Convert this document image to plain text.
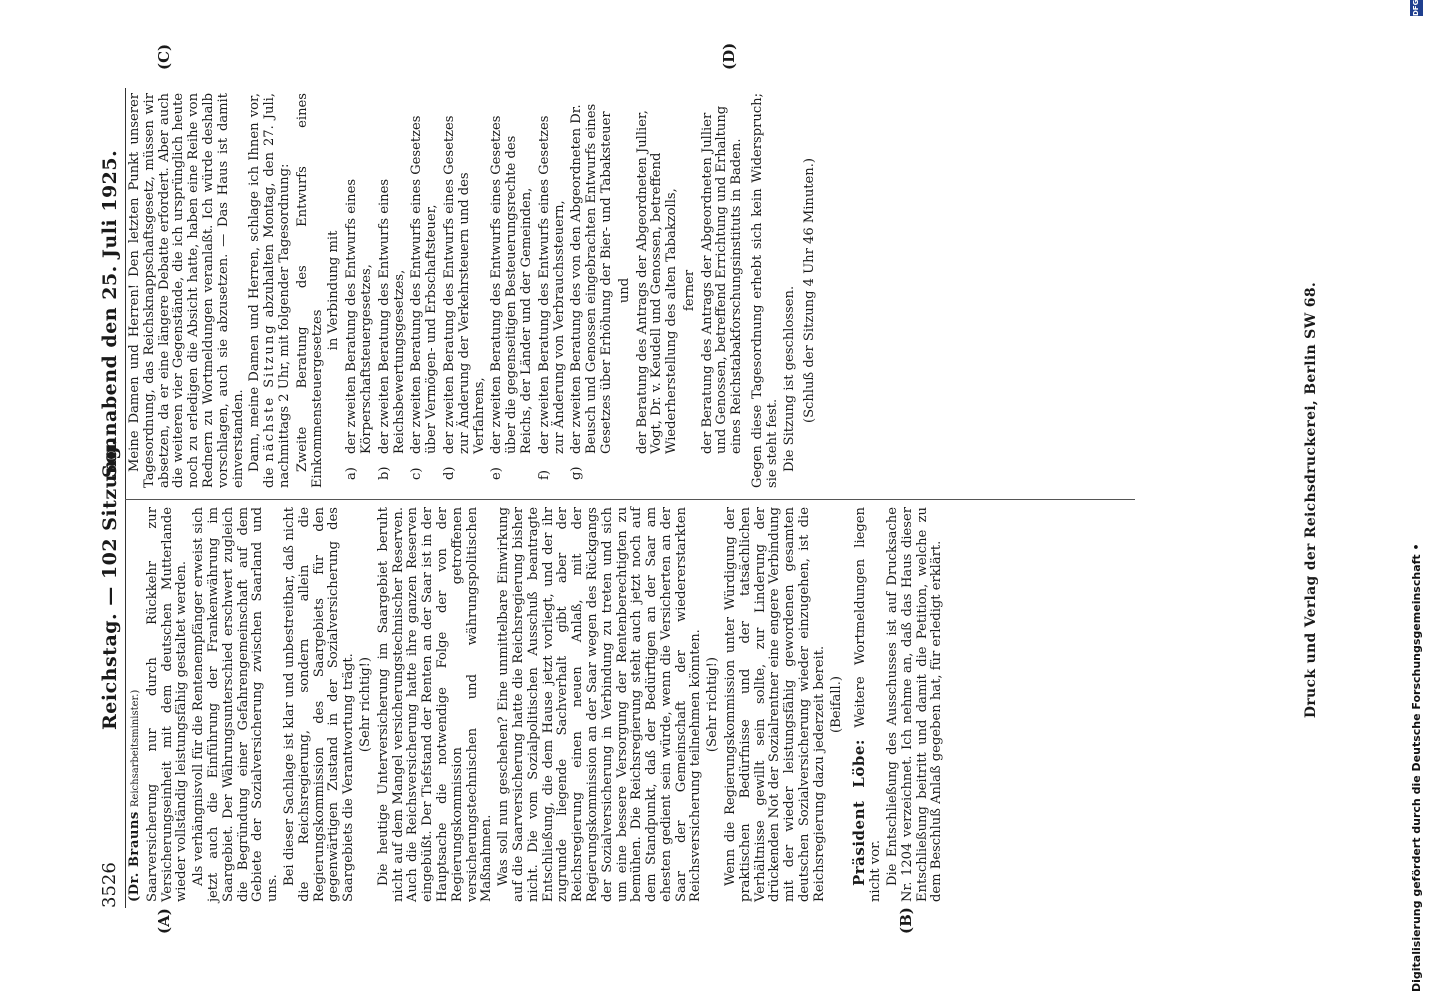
3526
Reichstag. — 102 Sitzung.
Sonnabend den 25. Juli 1925.
(A)	(B)
(C)	(D)

(Dr. Brauns Reichsarbeitsminister.) Saarversicherung nur durch Rückkehr zur Versicherungseinheit mit dem deutschen Mutterlande wieder vollständig leistungsfähig gestaltet werden. Als verhängnisvoll für die Rentenempfänger erweist sich jetzt auch die Einführung der Frankenwährung im Saargebiet. Der Währungsunterschied erschwert zugleich die Begründung einer Gefahrengemeinschaft auf dem Gebiete der Sozialversicherung zwischen Saarland und uns.

Bei dieser Sachlage ist klar und unbestreitbar, daß nicht die Reichsregierung, sondern allein die Regierungskommission des Saargebiets für den gegenwärtigen Zustand in der Sozialversicherung des Saargebiets die Verantwortung trägt. (Sehr richtig!) Die heutige Unterversicherung im Saargebiet beruht nicht auf dem Mangel versicherungstechnischer Reserven. Auch die Reichsversicherung hatte ihre ganzen Reserven eingebüßt. Der Tiefstand der Renten an der Saar ist in der Hauptsache die notwendige Folge der von der Regierungskommission getroffenen versicherungstechnischen und währungspolitischen Maßnahmen. Was soll nun geschehen? Eine unmittelbare Einwirkung auf die Saarversicherung hatte die Reichsregierung bisher nicht. Die vom Sozialpolitischen Ausschuß beantragte Entschließung, die dem Hause jetzt vorliegt, und der ihr zugrunde liegende Sachverhalt gibt aber der Reichsregierung einen neuen Anlaß, mit der Regierungskommission an der Saar wegen des Rückgangs der Sozialversicherung in Verbindung zu treten und sich um eine bessere Versorgung der Rentenberechtigten zu bemühen. Die Reichsregierung steht auch jetzt noch auf dem Standpunkt, daß der Bedürftigen an der Saar am ehesten gedient sein würde, wenn die Versicherten an der Saar der Gemeinschaft der wiedererstarkten Reichsversicherung teilnehmen könnten. (Sehr richtig!) Wenn die Regierungskommission unter Würdigung der praktischen Bedürfnisse und der tatsächlichen Verhältnisse gewillt sein sollte, zur Linderung der drückenden Not der Sozialrentner eine engere Verbindung mit der wieder leistungsfähig gewordenen gesamten deutschen Sozialversicherung wieder einzugehen, ist die Reichsregierung dazu jederzeit bereit. (Beifall.)

Präsident Löbe: Weitere Wortmeldungen liegen nicht vor. Die Entschließung des Ausschusses ist auf Drucksache Nr. 1204 verzeichnet. Ich nehme an, daß das Haus dieser Entschließung beitritt und damit die Petition, welche zu dem Beschluß Anlaß gegeben hat, für erledigt erklärt.

Meine Damen und Herren! Den letzten Punkt unserer Tagesordnung, das Reichsknappschaftsgesetz, müssen wir absetzen, da er eine längere Debatte erfordert. Aber auch die weiteren vier Gegenstände, die ich ursprünglich heute noch zu erledigen die Absicht hatte, haben eine Reihe von Rednern zu Wortmeldungen veranlaßt. Ich würde deshalb vorschlagen, auch sie abzusetzen. — Das Haus ist damit einverstanden. Dann, meine Damen und Herren, schlage ich Ihnen vor, die nächste Sitzung abzuhalten Montag, den 27. Juli, nachmittags 2 Uhr, mit folgender Tagesordnung: Zweite Beratung des Entwurfs eines Einkommensteuergesetzes

in Verbindung mit
a)
der zweiten Beratung des Entwurfs eines Körperschaftsteuergesetzes,
b)
der zweiten Beratung des Entwurfs eines Reichsbewertungsgesetzes,
c)
der zweiten Beratung des Entwurfs eines Gesetzes über Vermögen- und Erbschaftsteuer,
d)
der zweiten Beratung des Entwurfs eines Gesetzes zur Änderung der Verkehrsteuern und des Verfahrens,
e)
der zweiten Beratung des Entwurfs eines Gesetzes über die gegenseitigen Besteuerungsrechte des Reichs, der Länder und der Gemeinden,
f)
der zweiten Beratung des Entwurfs eines Gesetzes zur Änderung von Verbrauchssteuern,
g)
der zweiten Beratung des von den Abgeordneten Dr. Beusch und Genossen eingebrachten Entwurfs eines Gesetzes über Erhöhung der Bier- und Tabaksteuer und der Beratung des Antrags der Abgeordneten Jullier, Vogt, Dr. v. Keudell und Genossen, betreffend Wiederherstellung des alten Tabakzolls, ferner der Beratung des Antrags der Abgeordneten Jullier und Genossen, betreffend Errichtung und Erhaltung eines Reichstabakforschungsinstituts in Baden. Gegen diese Tagesordnung erhebt sich kein Widerspruch; sie steht fest. Die Sitzung ist geschlossen. (Schluß der Sitzung 4 Uhr 46 Minuten.)	Druck und Verlag der Reichsdruckerei, Berlin SW 68.
Digitalisierung gefördert durch die Deutsche Forschungsgemeinschaft •
DFG
